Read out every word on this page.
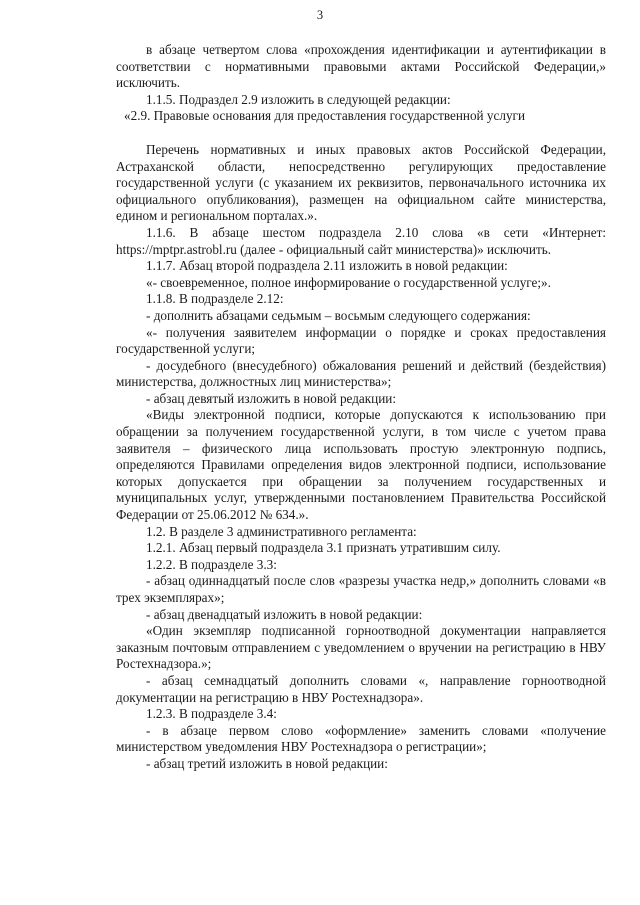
3

в абзаце четвертом слова «прохождения идентификации и аутентификации в соответствии с нормативными правовыми актами Российской Федерации,» исключить.

1.1.5. Подраздел 2.9 изложить в следующей редакции:

«2.9. Правовые основания для предоставления государственной услуги

Перечень нормативных и иных правовых актов Российской Федерации, Астраханской области, непосредственно регулирующих предоставление государственной услуги (с указанием их реквизитов, первоначального источника их официального опубликования), размещен на официальном сайте министерства, едином и региональном порталах.».

1.1.6. В абзаце шестом подраздела 2.10 слова «в сети «Интернет: https://mptpr.astrobl.ru (далее - официальный сайт министерства)» исключить.

1.1.7. Абзац второй подраздела 2.11 изложить в новой редакции:

«- своевременное, полное информирование о государственной услуге;».

1.1.8. В подразделе 2.12:

- дополнить абзацами седьмым – восьмым следующего содержания:

«- получения заявителем информации о порядке и сроках предоставления государственной услуги;

- досудебного (внесудебного) обжалования решений и действий (бездействия) министерства, должностных лиц министерства»;

- абзац девятый изложить в новой редакции:

«Виды электронной подписи, которые допускаются к использованию при обращении за получением государственной услуги, в том числе с учетом права заявителя – физического лица использовать простую электронную подпись, определяются Правилами определения видов электронной подписи, использование которых допускается при обращении за получением государственных и муниципальных услуг, утвержденными постановлением Правительства Российской Федерации от 25.06.2012 № 634.».

1.2. В разделе 3 административного регламента:

1.2.1. Абзац первый подраздела 3.1 признать утратившим силу.

1.2.2. В подразделе 3.3:

- абзац одиннадцатый после слов «разрезы участка недр,» дополнить словами «в трех экземплярах»;

- абзац двенадцатый изложить в новой редакции:

«Один экземпляр подписанной горноотводной документации направляется заказным почтовым отправлением с уведомлением о вручении на регистрацию в НВУ Ростехнадзора.»;

- абзац семнадцатый дополнить словами «, направление горноотводной документации на регистрацию в НВУ Ростехнадзора».

1.2.3. В подразделе 3.4:

- в абзаце первом слово «оформление» заменить словами «получение министерством уведомления НВУ Ростехнадзора о регистрации»;

- абзац третий изложить в новой редакции:
